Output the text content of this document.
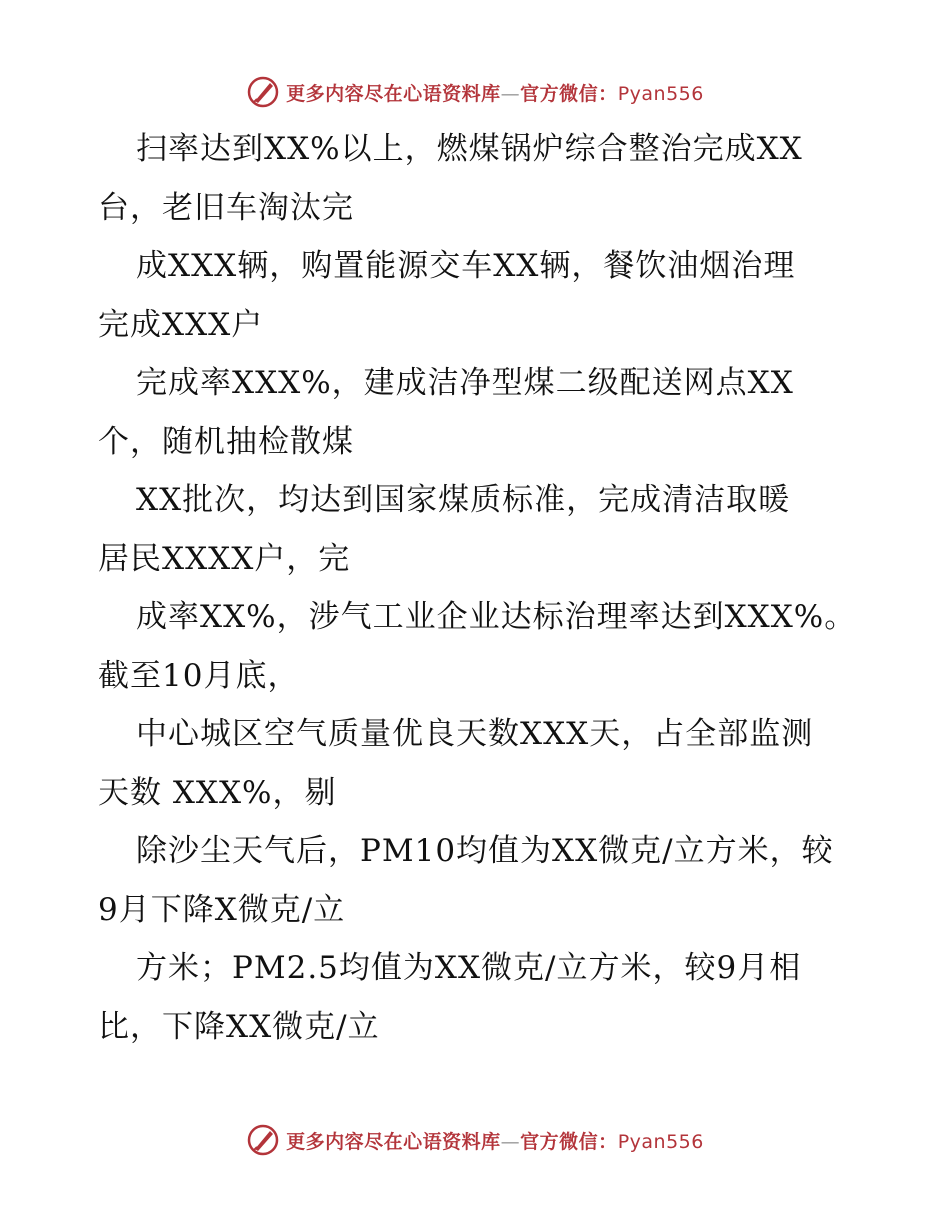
更多内容尽在心语资料库—官方微信：Pyan556
扫率达到XX%以上，燃煤锅炉综合整治完成XX
台，老旧车淘汰完
成XXX辆，购置能源交车XX辆，餐饮油烟治理
完成XXX户
完成率XXX%，建成洁净型煤二级配送网点XX
个，随机抽检散煤
XX批次，均达到国家煤质标准，完成清洁取暖
居民XXXX户，完
成率XX%，涉气工业企业达标治理率达到XXX%。
截至10月底，
中心城区空气质量优良天数XXX天，占全部监测
天数 XXX%，剔
除沙尘天气后，PM10均值为XX微克/立方米，较
9月下降X微克/立
方米；PM2.5均值为XX微克/立方米，较9月相
比，下降XX微克/立
更多内容尽在心语资料库—官方微信：Pyan556
